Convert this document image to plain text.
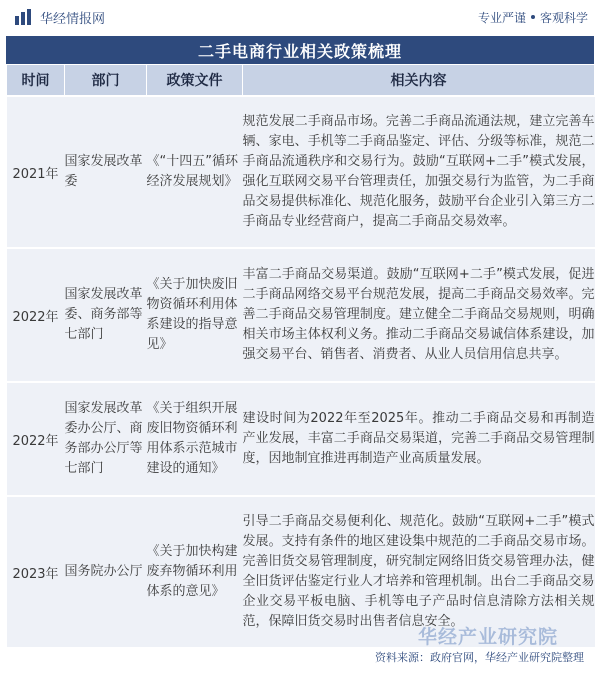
华经情报网	专业严谨 客观科学
二手电商行业相关政策梳理
时间	部门	政策文件	相关内容
2021年	国家发展改革委	《“十四五”循环经济发展规划》	规范发展二手商品市场。完善二手商品流通法规，建立完善车辆、家电、手机等二手商品鉴定、评估、分级等标准，规范二手商品流通秩序和交易行为。鼓励“互联网+二手”模式发展，强化互联网交易平台管理责任，加强交易行为监管，为二手商品交易提供标准化、规范化服务，鼓励平台企业引入第三方二手商品专业经营商户，提高二手商品交易效率。
2022年	国家发展改革委、商务部等七部门	《关于加快废旧物资循环利用体系建设的指导意见》	丰富二手商品交易渠道。鼓励“互联网+二手”模式发展，促进二手商品网络交易平台规范发展，提高二手商品交易效率。完善二手商品交易管理制度。建立健全二手商品交易规则，明确相关市场主体权利义务。推动二手商品交易诚信体系建设，加强交易平台、销售者、消费者、从业人员信用信息共享。
2022年	国家发展改革委办公厅、商务部办公厅等七部门	《关于组织开展废旧物资循环利用体系示范城市建设的通知》	建设时间为2022年至2025年。推动二手商品交易和再制造产业发展，丰富二手商品交易渠道，完善二手商品交易管理制度，因地制宜推进再制造产业高质量发展。
2023年	国务院办公厅	《关于加快构建废弃物循环利用体系的意见》	引导二手商品交易便利化、规范化。鼓励“互联网+二手”模式发展。支持有条件的地区建设集中规范的二手商品交易市场。完善旧货交易管理制度，研究制定网络旧货交易管理办法，健全旧货评估鉴定行业人才培养和管理机制。出台二手商品交易企业交易平板电脑、手机等电子产品时信息清除方法相关规范，保障旧货交易时出售者信息安全。
华经产业研究院
资料来源：政府官网，华经产业研究院整理
